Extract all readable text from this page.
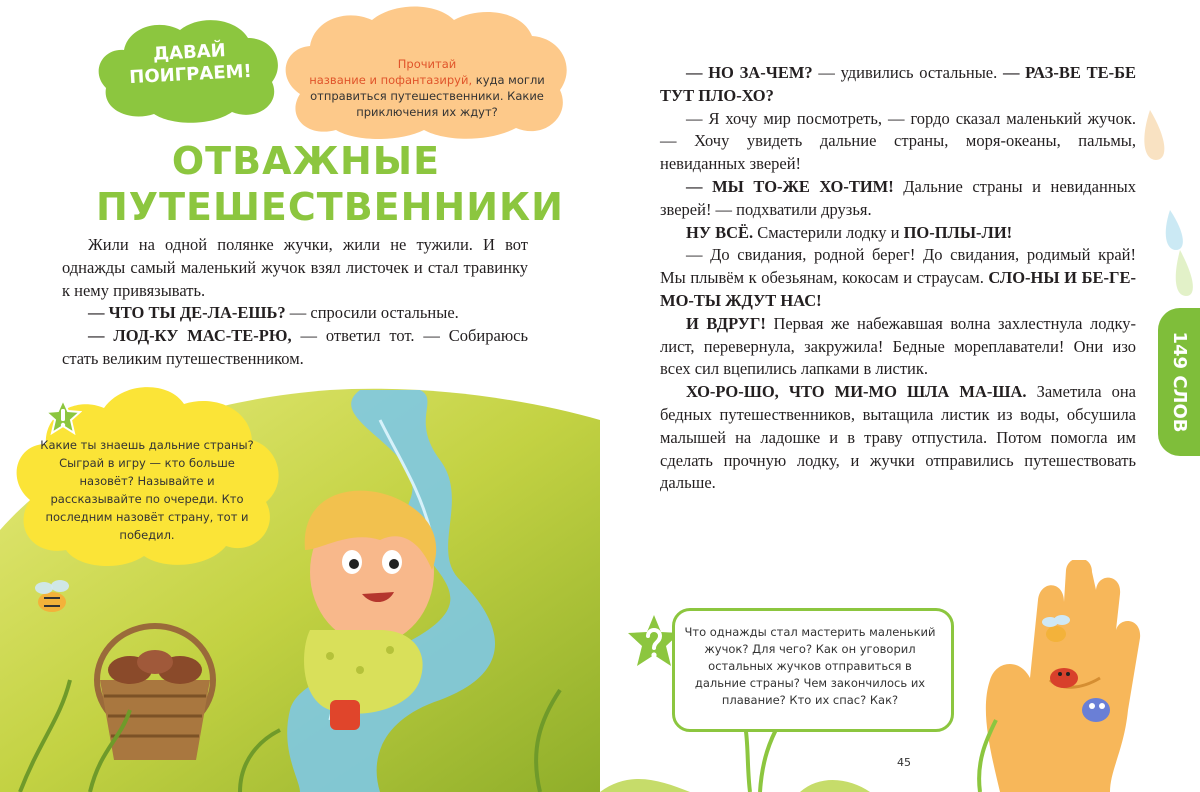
ДАВАЙ
ПОИГРАЕМ!	Прочитай
название и пофантазируй, куда могли отправиться путешественники. Какие приключения их ждут?
ОТВАЖНЫЕ
ПУТЕШЕСТВЕННИКИ

Жили на одной полянке жучки, жили не тужили. И вот однажды самый маленький жучок взял листочек и стал травинку к нему привязывать.

— ЧТО ТЫ ДЕ-ЛА-ЕШЬ? — спросили остальные.

— ЛОД-КУ МАС-ТЕ-РЮ, — ответил тот. — Собираюсь стать великим путешественником.

Какие ты знаешь дальние страны? Сыграй в игру — кто больше назовёт? Называйте и рассказывайте по очереди. Кто последним назовёт страну, тот и победил.

— НО ЗА-ЧЕМ? — удивились остальные. — РАЗ-ВЕ ТЕ-БЕ ТУТ ПЛО-ХО?

— Я хочу мир посмотреть, — гордо сказал маленький жучок. — Хочу увидеть дальние страны, моря-океаны, пальмы, невиданных зверей!

— МЫ ТО-ЖЕ ХО-ТИМ! Дальние страны и невиданных зверей! — подхватили друзья.

НУ ВСЁ. Смастерили лодку и ПО-ПЛЫ-ЛИ!

— До свидания, родной берег! До свидания, родимый край! Мы плывём к обезьянам, кокосам и страусам. СЛО-НЫ И БЕ-ГЕ-МО-ТЫ ЖДУТ НАС!

И ВДРУГ! Первая же набежавшая волна захлестнула лодку-лист, перевернула, закружила! Бедные мореплаватели! Они изо всех сил вцепились лапками в листик.

ХО-РО-ШО, ЧТО МИ-МО ШЛА МА-ША. Заметила она бедных путешественников, вытащила листик из воды, обсушила малышей на ладошке и в траву отпустила. Потом помогла им сделать прочную лодку, и жучки отправились путешествовать дальше.

149 СЛОВ
Что однажды стал мастерить маленький жучок? Для чего? Как он уговорил остальных жучков отправиться в дальние страны? Чем закончилось их плавание? Кто их спас? Как?
45
